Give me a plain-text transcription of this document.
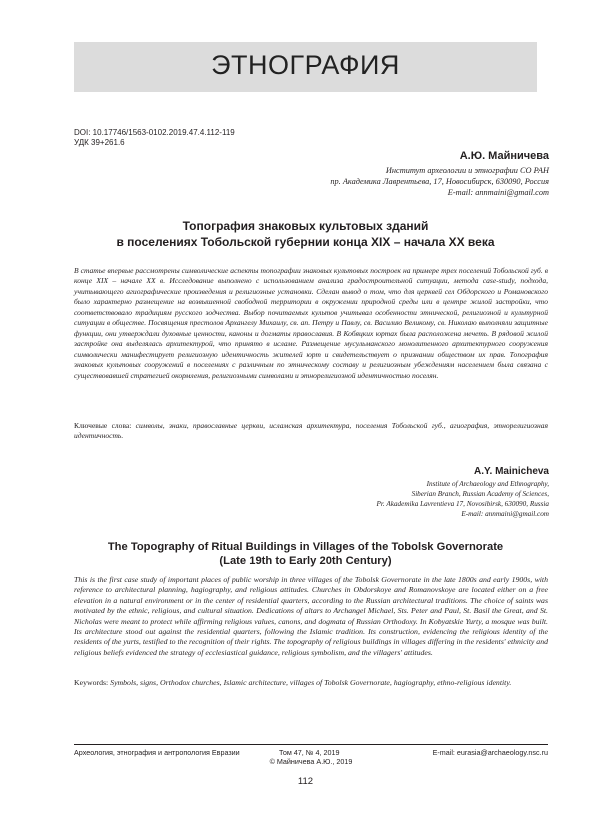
ЭТНОГРАФИЯ
DOI: 10.17746/1563-0102.2019.47.4.112-119
УДК 39+261.6
А.Ю. Майничева
Институт археологии и этнографии СО РАН
пр. Академика Лаврентьева, 17, Новосибирск, 630090, Россия
E-mail: annmaini@gmail.com
Топография знаковых культовых зданий
в поселениях Тобольской губернии конца XIX – начала XX века
В статье впервые рассмотрены символические аспекты топографии знаковых культовых построек на примере трех поселений Тобольской губ. в конце XIX – начале XX в. Исследование выполнено с использованием анализа градостроительной ситуации, метода case-study, подхода, учитывающего агиографические произведения и религиозные установки. Сделан вывод о том, что для церквей сел Обдорского и Романовского было характерно размещение на возвышенной свободной территории в окружении природной среды или в центре жилой застройки, что соответствовало традициям русского зодчества. Выбор почитаемых культов учитывал особенности этнической, религиозной и культурной ситуации в обществе. Посвящения престолов Архангелу Михаилу, св. ап. Петру и Павлу, св. Василию Великому, св. Николаю выполняли защитные функции, они утверждали духовные ценности, каноны и догматы православия. В Кобяцких юртах была расположена мечеть. В рядовой жилой застройке она выделялась архитектурой, что принято в исламе. Размещение мусульманского монолитенного архитектурного сооружения символически манифестирует религиозную идентичность жителей юрт и свидетельствует о признании обществом их прав. Топография знаковых культовых сооружений в поселениях с различным по этническому составу и религиозным убеждениям населением была связана с существовавшей стратегией окормления, религиозными символами и этнорелигиозной идентичностью поселян.
Ключевые слова: символы, знаки, православные церкви, исламская архитектура, поселения Тобольской губ., агиография, этнорелигиозная идентичность.
A.Y. Mainicheva
Institute of Archaeology and Ethnography,
Siberian Branch, Russian Academy of Sciences,
Pr. Akademika Lavrentieva 17, Novosibirsk, 630090, Russia
E-mail: annmaini@gmail.com
The Topography of Ritual Buildings in Villages of the Tobolsk Governorate
(Late 19th to Early 20th Century)
This is the first case study of important places of public worship in three villages of the Tobolsk Governorate in the late 1800s and early 1900s, with reference to architectural planning, hagiography, and religious attitudes. Churches in Obdorskoye and Romanovskoye are located either on a free elevation in a natural environment or in the center of residential quarters, according to the Russian architectural traditions. The choice of saints was motivated by the ethnic, religious, and cultural situation. Dedications of altars to Archangel Michael, Sts. Peter and Paul, St. Basil the Great, and St. Nicholas were meant to protect while affirming religious values, canons, and dogmata of Russian Orthodoxy. In Kobyatskie Yurty, a mosque was built. Its architecture stood out against the residential quarters, following the Islamic tradition. Its construction, evidencing the religious identity of the residents of the yurts, testified to the recognition of their rights. The topography of religious buildings in villages differing in the residents' ethnicity and religious beliefs evidenced the strategy of ecclesiastical guidance, religious symbolism, and the villagers' attitudes.
Keywords: Symbols, signs, Orthodox churches, Islamic architecture, villages of Tobolsk Governorate, hagiography, ethno-religious identity.
Археология, этнография и антропология Евразии	Том 47, № 4, 2019	E-mail: eurasia@archaeology.nsc.ru
© Майничева А.Ю., 2019
112
